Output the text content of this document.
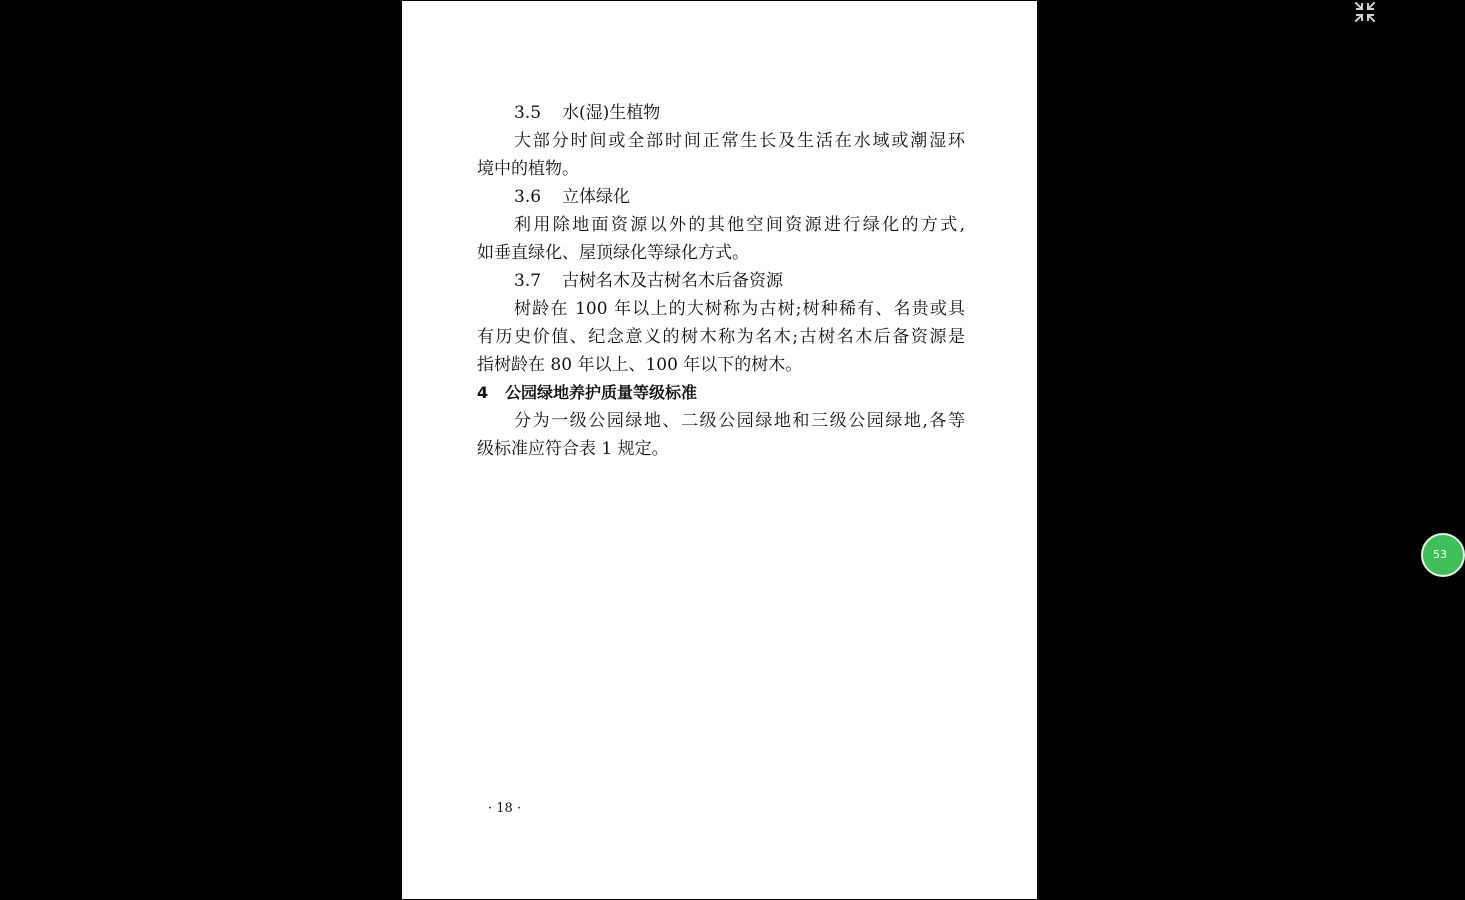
3.5 水(湿)生植物
大部分时间或全部时间正常生长及生活在水域或潮湿环
境中的植物。
3.6 立体绿化
利用除地面资源以外的其他空间资源进行绿化的方式,
如垂直绿化、屋顶绿化等绿化方式。
3.7 古树名木及古树名木后备资源
树龄在 100 年以上的大树称为古树;树种稀有、名贵或具
有历史价值、纪念意义的树木称为名木;古树名木后备资源是
指树龄在 80 年以上、100 年以下的树木。
4 公园绿地养护质量等级标准
分为一级公园绿地、二级公园绿地和三级公园绿地,各等
级标准应符合表 1 规定。
· 18 ·
53
